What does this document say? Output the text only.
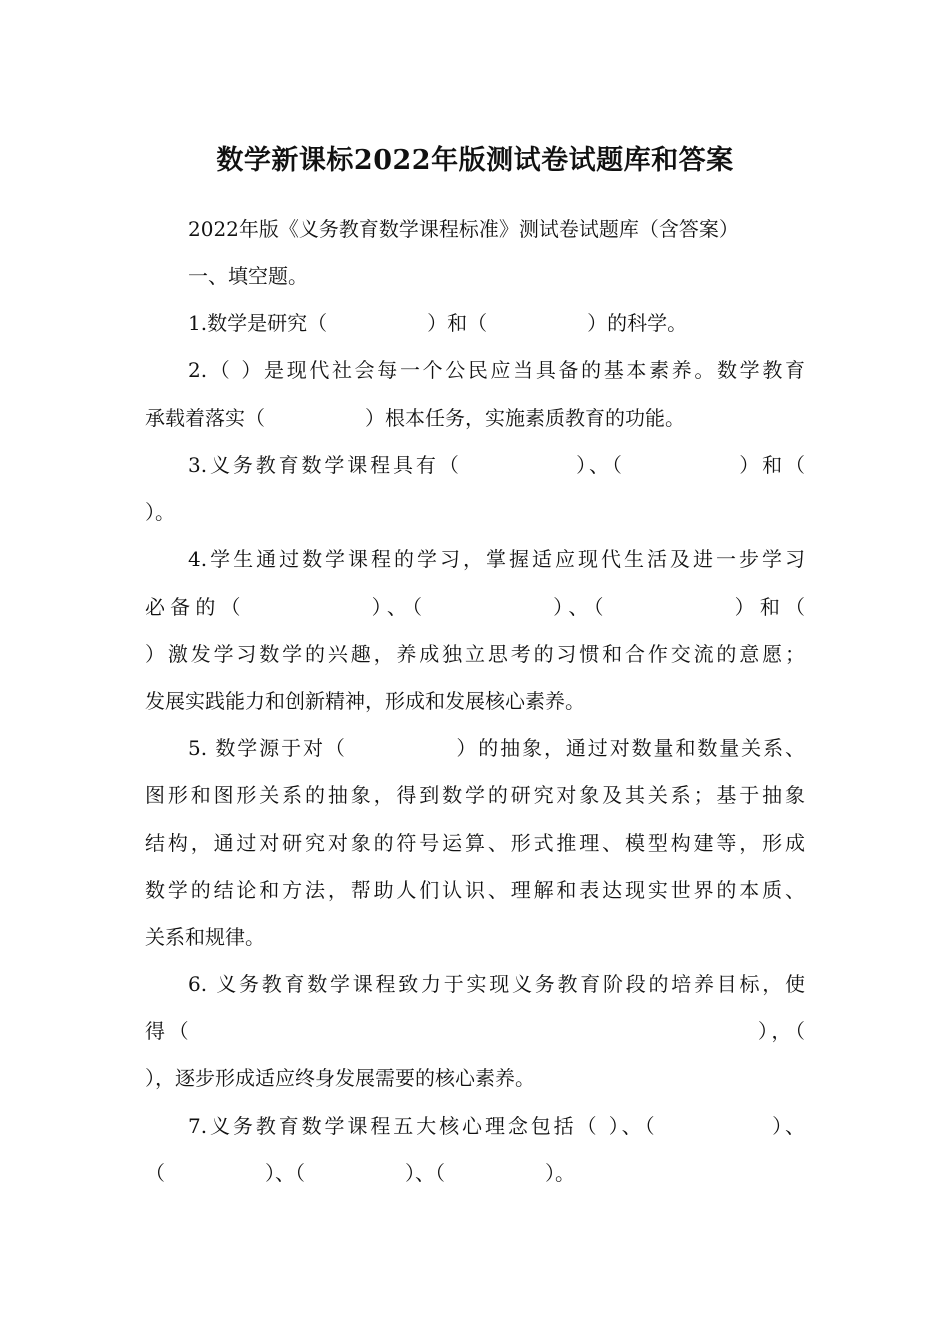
数学新课标2022年版测试卷试题库和答案
2022年版《义务教育数学课程标准》测试卷试题库（含答案）
一、填空题。
1.数学是研究（　　　　　）和（　　　　　）的科学。
2.（ ）是现代社会每一个公民应当具备的基本素养。数学教育
承载着落实（　　　　　）根本任务，实施素质教育的功能。
3.义务教育数学课程具有（　　　　　）、（　　　　　）和（
）。
4.学生通过数学课程的学习，掌握适应现代生活及进一步学习
必备的（　　　　　）、（　　　　　）、（　　　　　）和（
）激发学习数学的兴趣，养成独立思考的习惯和合作交流的意愿；
发展实践能力和创新精神，形成和发展核心素养。
5. 数学源于对（　　　　　）的抽象，通过对数量和数量关系、
图形和图形关系的抽象，得到数学的研究对象及其关系；基于抽象
结构，通过对研究对象的符号运算、形式推理、模型构建等，形成
数学的结论和方法，帮助人们认识、理解和表达现实世界的本质、
关系和规律。
6. 义务教育数学课程致力于实现义务教育阶段的培养目标，使
得（　　　　　　　　　　　　　　　　　　　　　　　　），（
），逐步形成适应终身发展需要的核心素养。
7.义务教育数学课程五大核心理念包括（ ）、（　　　　　）、
（　　　　　）、（　　　　　）、（　　　　　）。
